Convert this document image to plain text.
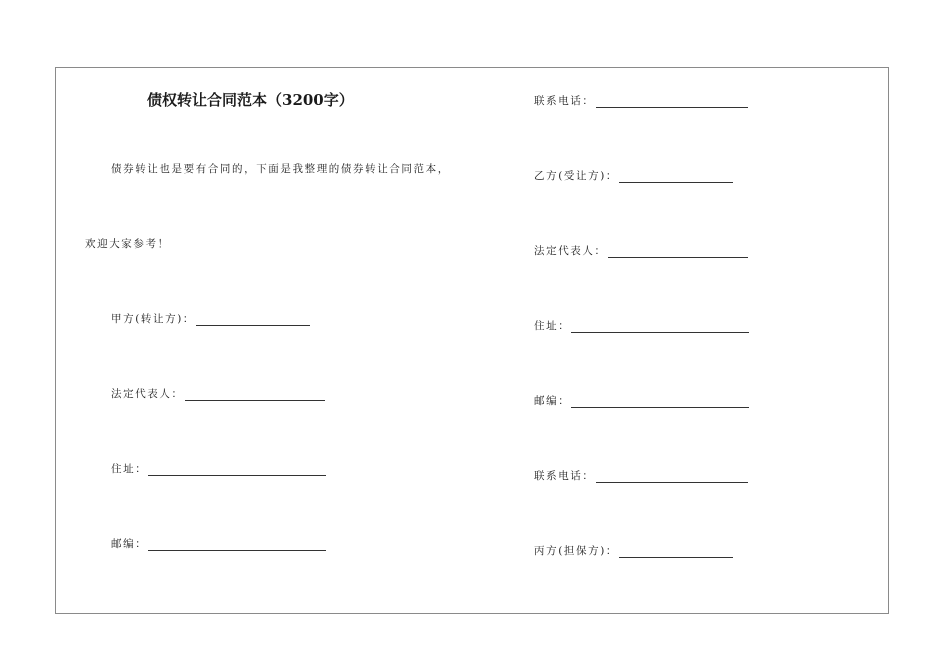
债权转让合同范本（3200字）
债券转让也是要有合同的，下面是我整理的债券转让合同范本，
欢迎大家参考！
甲方(转让方)：
法定代表人：
住址：
邮编：
联系电话：
乙方(受让方)：
法定代表人：
住址：
邮编：
联系电话：
丙方(担保方)：
